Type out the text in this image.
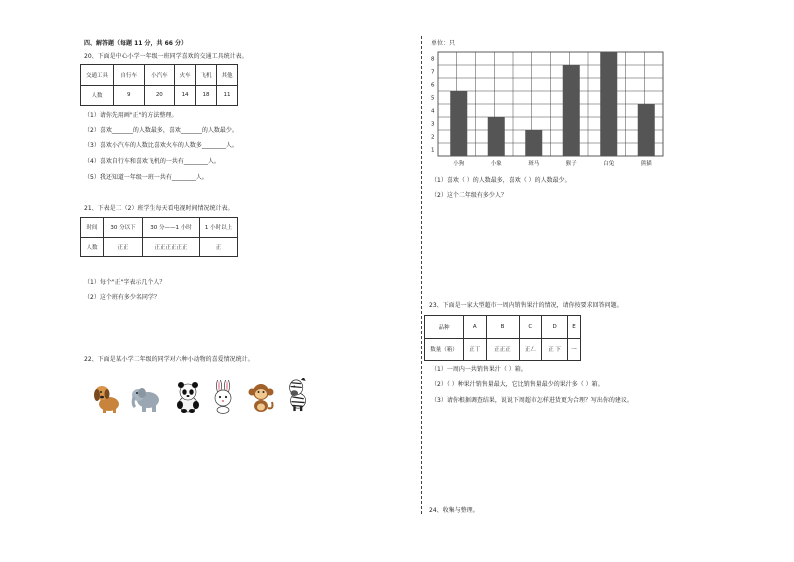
四、解答题（每题 11 分，共 66 分）
20、下面是中心小学一年级一班同学喜欢的交通工具统计表。
交通工具	自行车	小汽车	火车	飞机	其他
人数	9	20	14	18	11
（1）请你先用画"正"的方法整理。
（2）喜欢_______的人数最多，喜欢_______的人数最少。
（3）喜欢小汽车的人数比喜欢火车的人数多________人。
（4）喜欢自行车和喜欢飞机的一共有________人。
（5）我还知道一年级一班一共有________人。
21、下表是二（2）班学生每天看电视时间情况统计表。
时间	30 分以下	30 分——1 小时	1 小时以上
人数	正正	正正正正正正	正
（1）每个"正"字表示几个人？
（2）这个班有多少名同学？
22、下面是某小学二年级的同学对六种小动物的喜爱情况统计。
单位：只
1
2
3
4
5
6
7
8
小狗	小象	斑马	猴子	白兔	熊猫
（1）喜欢（ ）的人数最多，喜欢（ ）的人数最少。
（2）这个二年级有多少人？
23、下面是一家大型超市一周内销售果汁的情况，请你按要求回答问题。
品种	A	B	C	D	E
数量（箱）	正丅	正正正	正𠃋	正 下	一
（1）一周内一共销售果汁（ ）箱。
（2）（ ）种果汁销售量最大，它比销售量最少的果汁多（ ）箱。
（3）请你根据调查结果，说说下周超市怎样进货更为合理？写出你的建议。
24、收集与整理。
